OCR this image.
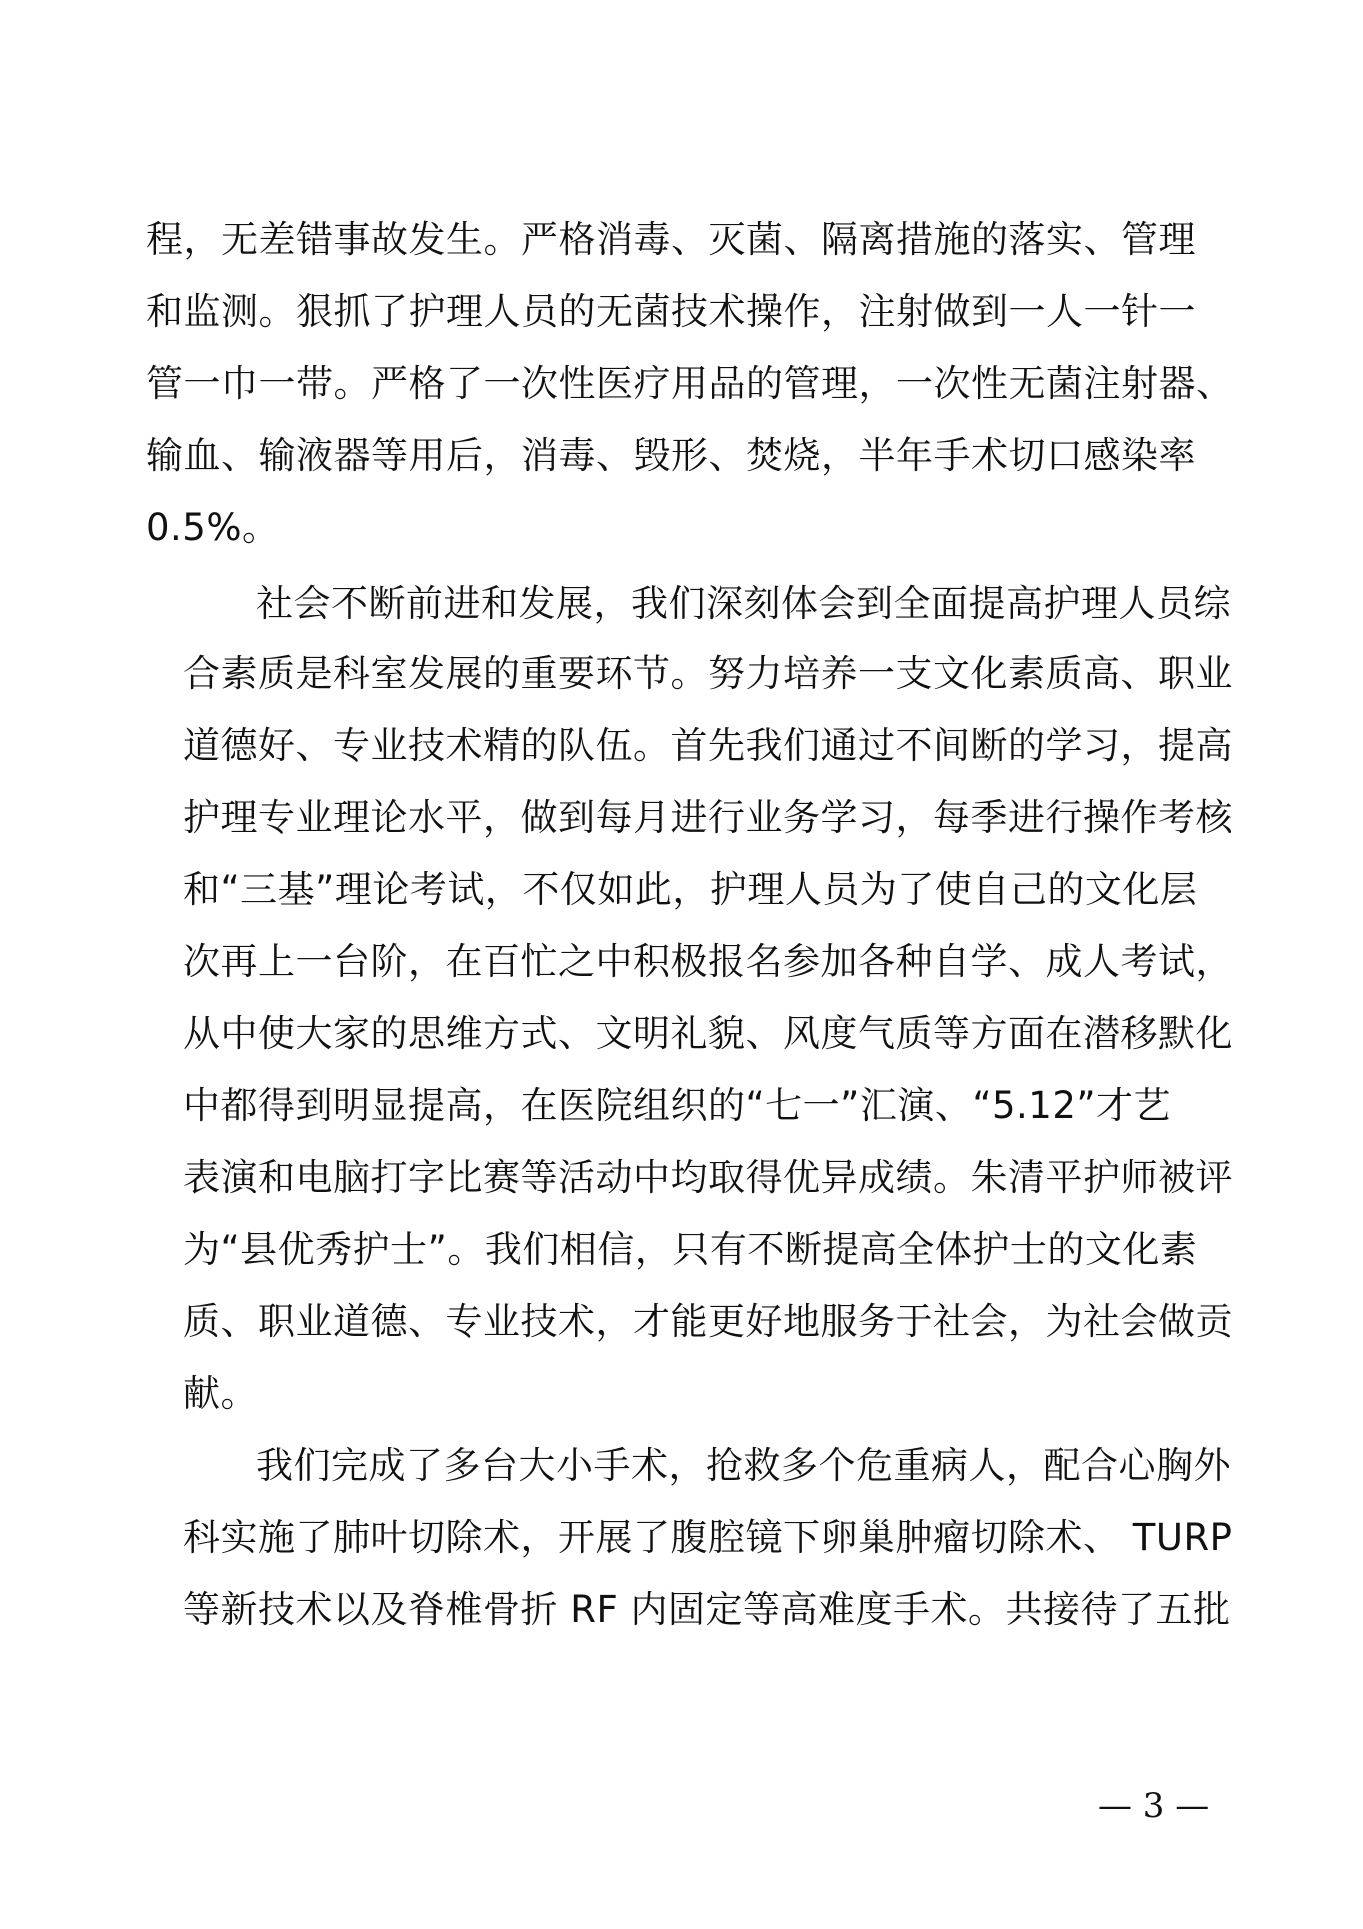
程，无差错事故发生。严格消毒、灭菌、隔离措施的落实、管理
和监测。狠抓了护理人员的无菌技术操作，注射做到一人一针一
管一巾一带。严格了一次性医疗用品的管理，一次性无菌注射器、
输血、输液器等用后，消毒、毁形、焚烧，半年手术切口感染率
0.5%。
社会不断前进和发展，我们深刻体会到全面提高护理人员综
合素质是科室发展的重要环节。努力培养一支文化素质高、职业
道德好、专业技术精的队伍。首先我们通过不间断的学习，提高
护理专业理论水平，做到每月进行业务学习，每季进行操作考核
和“三基”理论考试，不仅如此，护理人员为了使自己的文化层
次再上一台阶，在百忙之中积极报名参加各种自学、成人考试，
从中使大家的思维方式、文明礼貌、风度气质等方面在潜移默化
中都得到明显提高，在医院组织的“七一”汇演、“5.12”才艺
表演和电脑打字比赛等活动中均取得优异成绩。朱清平护师被评
为“县优秀护士”。我们相信，只有不断提高全体护士的文化素
质、职业道德、专业技术，才能更好地服务于社会，为社会做贡
献。
我们完成了多台大小手术，抢救多个危重病人，配合心胸外
科实施了肺叶切除术，开展了腹腔镜下卵巢肿瘤切除术、 TURP
等新技术以及脊椎骨折 RF 内固定等高难度手术。共接待了五批
— 3 —
